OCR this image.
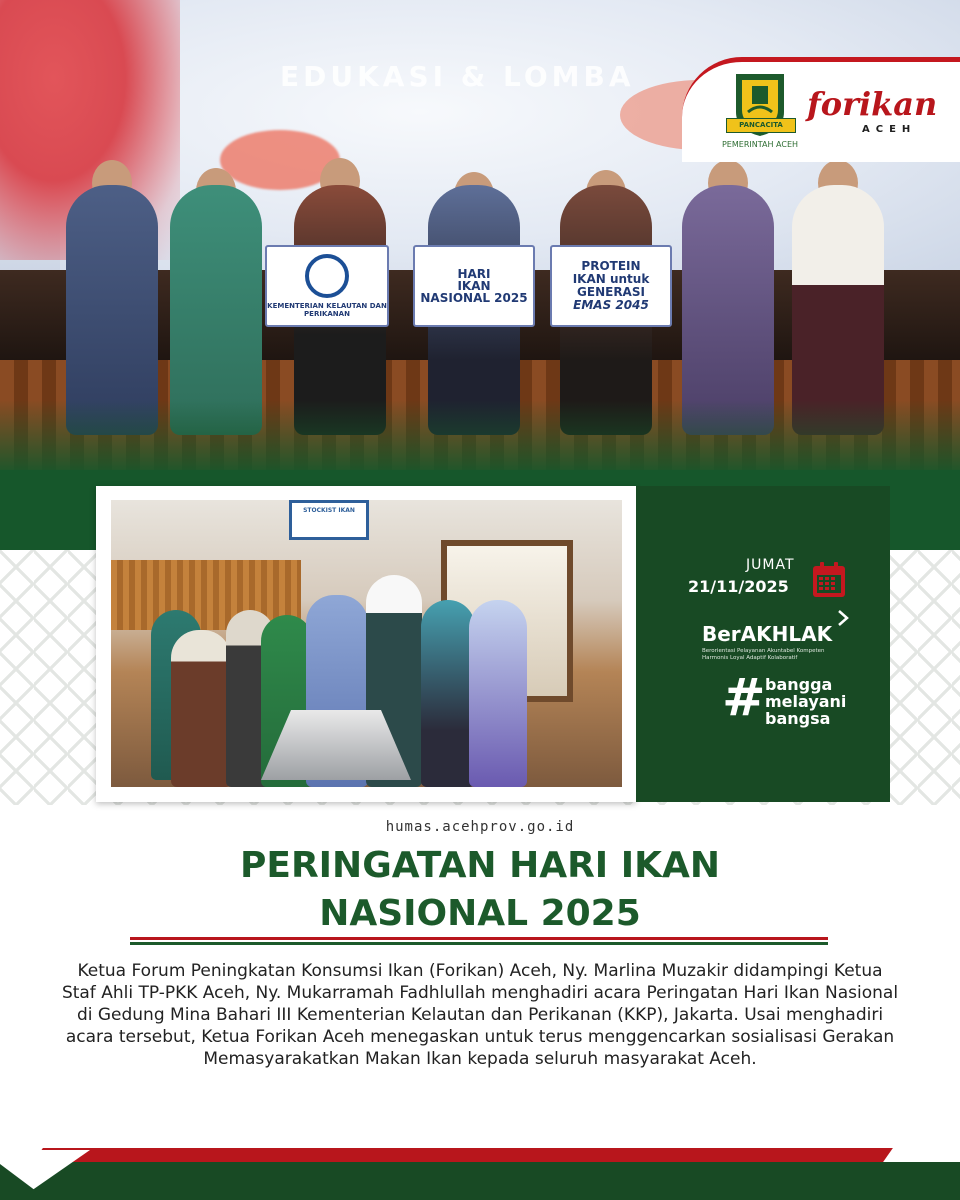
EDUKASI & LOMBA
KEMENTERIAN KELAUTAN DAN PERIKANAN
HARI
IKAN
NASIONAL 2025
PROTEIN
IKAN untuk
GENERASI
EMAS 2045
PANCACITA
PEMERINTAH ACEH
forikan
ACEH
STOCKIST IKAN
JUMAT
21/11/2025
BerAKHLAK
Berorientasi Pelayanan Akuntabel Kompeten Harmonis Loyal Adaptif Kolaboratif
# bangga
melayani
bangsa
humas.acehprov.go.id
PERINGATAN HARI IKAN
NASIONAL 2025
Ketua Forum Peningkatan Konsumsi Ikan (Forikan) Aceh, Ny. Marlina Muzakir didampingi Ketua Staf Ahli TP-PKK Aceh, Ny. Mukarramah Fadhlullah menghadiri acara Peringatan Hari Ikan Nasional di Gedung Mina Bahari III Kementerian Kelautan dan Perikanan (KKP), Jakarta. Usai menghadiri acara tersebut, Ketua Forikan Aceh menegaskan untuk terus menggencarkan sosialisasi Gerakan Memasyarakatkan Makan Ikan kepada seluruh masyarakat Aceh.
